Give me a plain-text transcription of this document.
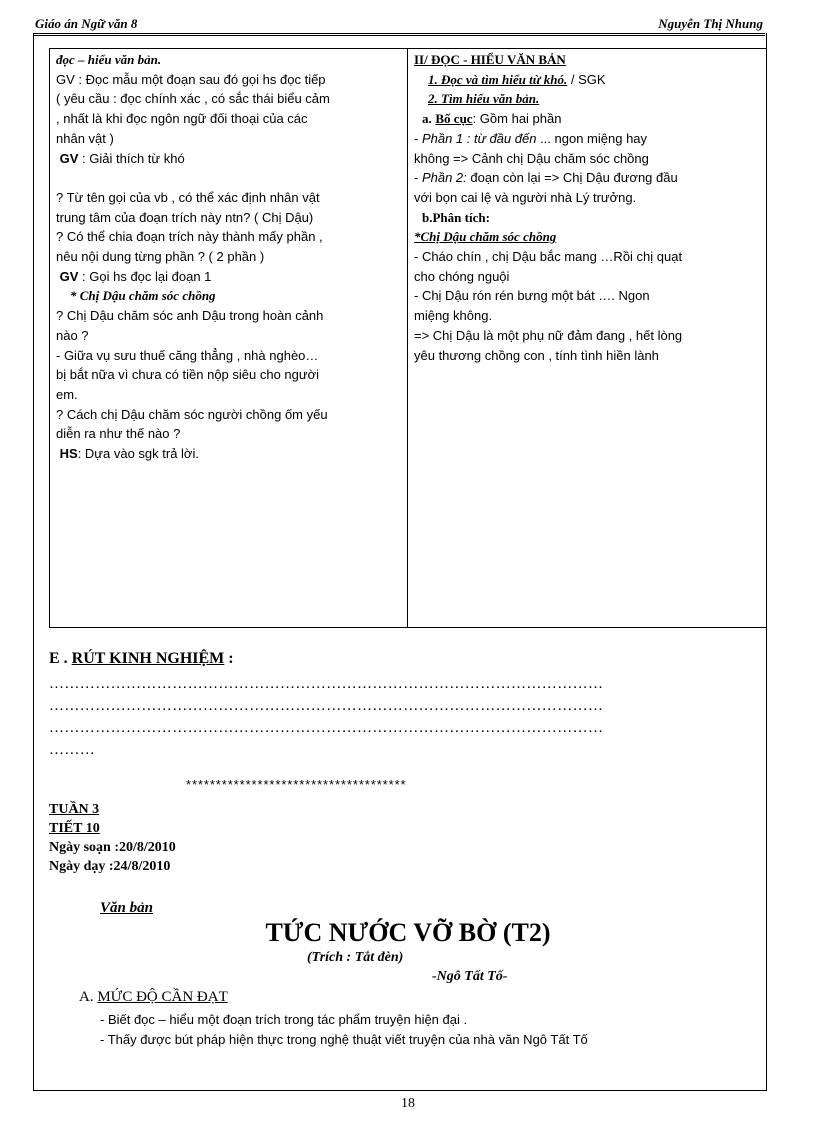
Giáo án Ngữ văn 8	Nguyễn Thị Nhung
đọc – hiểu văn bản.
GV : Đọc mẫu một đoạn sau đó gọi hs đọc tiếp
( yêu cầu : đọc chính xác , có sắc thái biểu cảm
, nhất là khi đọc ngôn ngữ đối thoại của các
nhân vật )
GV : Giải thích từ khó

? Từ tên gọi của vb , có thể xác định nhân vật
trung tâm của đoạn trích này ntn? ( Chị Dậu)
? Có thể chia đoạn trích này thành mấy phần ,
nêu nội dung từng phần ? ( 2 phần )
GV : Gọi hs đọc lại đoạn 1
* Chị Dậu chăm sóc chồng
? Chị Dậu chăm sóc anh Dậu trong hoàn cảnh
nào ?
- Giữa vụ sưu thuế căng thẳng , nhà nghèo…
bị bắt nữa vì chưa có tiền nộp siêu cho người
em.
? Cách chị Dậu chăm sóc người chồng ốm yếu
diễn ra như thế nào ?
HS: Dựa vào sgk trả lời.
II/ ĐỌC - HIỂU VĂN BẢN
1. Đọc và tìm hiểu từ khó. / SGK
2. Tìm hiểu văn bản.
a. Bố cục: Gồm hai phần
- Phần 1 : từ đầu đến ... ngon miệng hay
không => Cảnh chị Dậu chăm sóc chồng
- Phần 2: đoạn còn lại => Chị Dậu đương đầu
với bọn cai lệ và người nhà Lý trưởng.
b.Phân tích:
*Chị Dậu chăm sóc chồng
- Cháo chín , chị Dậu bắc mang …Rồi chị quạt
cho chóng nguội
- Chị Dậu rón rén bưng một bát …. Ngon
miệng không.
=> Chị Dậu là một phụ nữ đảm đang , hết lòng
yêu thương chồng con , tính tình hiền lành
E . RÚT KINH NGHIỆM :
………………………………………………………………………………………………
………………………………………………………………………………………………
………………………………………………………………………………………………
………
*************************************
TUẦN 3
TIẾT 10
Ngày soạn :20/8/2010
Ngày dạy :24/8/2010
Văn bản
TỨC NƯỚC VỠ BỜ (T2)
(Trích : Tắt đèn)
-Ngô Tất Tố-
A. MỨC ĐỘ CẦN ĐẠT
- Biết đọc – hiểu một đoạn trích trong tác phẩm truyện hiện đại .
- Thấy được bút pháp hiện thực trong nghệ thuật viết truyện của nhà văn Ngô Tất Tố
18
